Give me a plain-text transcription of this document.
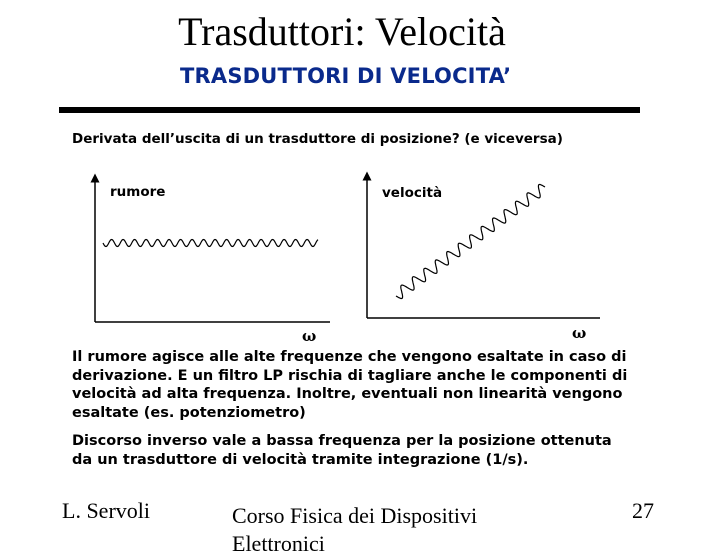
Trasduttori: Velocità
TRASDUTTORI DI VELOCITA’
Derivata dell’uscita di un trasduttore di posizione? (e viceversa)
rumore
ω
velocità
ω
Il rumore agisce alle alte frequenze che vengono esaltate in caso di derivazione. E un filtro LP rischia di tagliare anche le componenti di velocità ad alta frequenza. Inoltre, eventuali non linearità vengono esaltate (es. potenziometro)
Discorso inverso vale a bassa frequenza per la posizione ottenuta da un trasduttore di velocità tramite integrazione (1/s).
L. Servoli	Corso Fisica dei Dispositivi Elettronici
27
